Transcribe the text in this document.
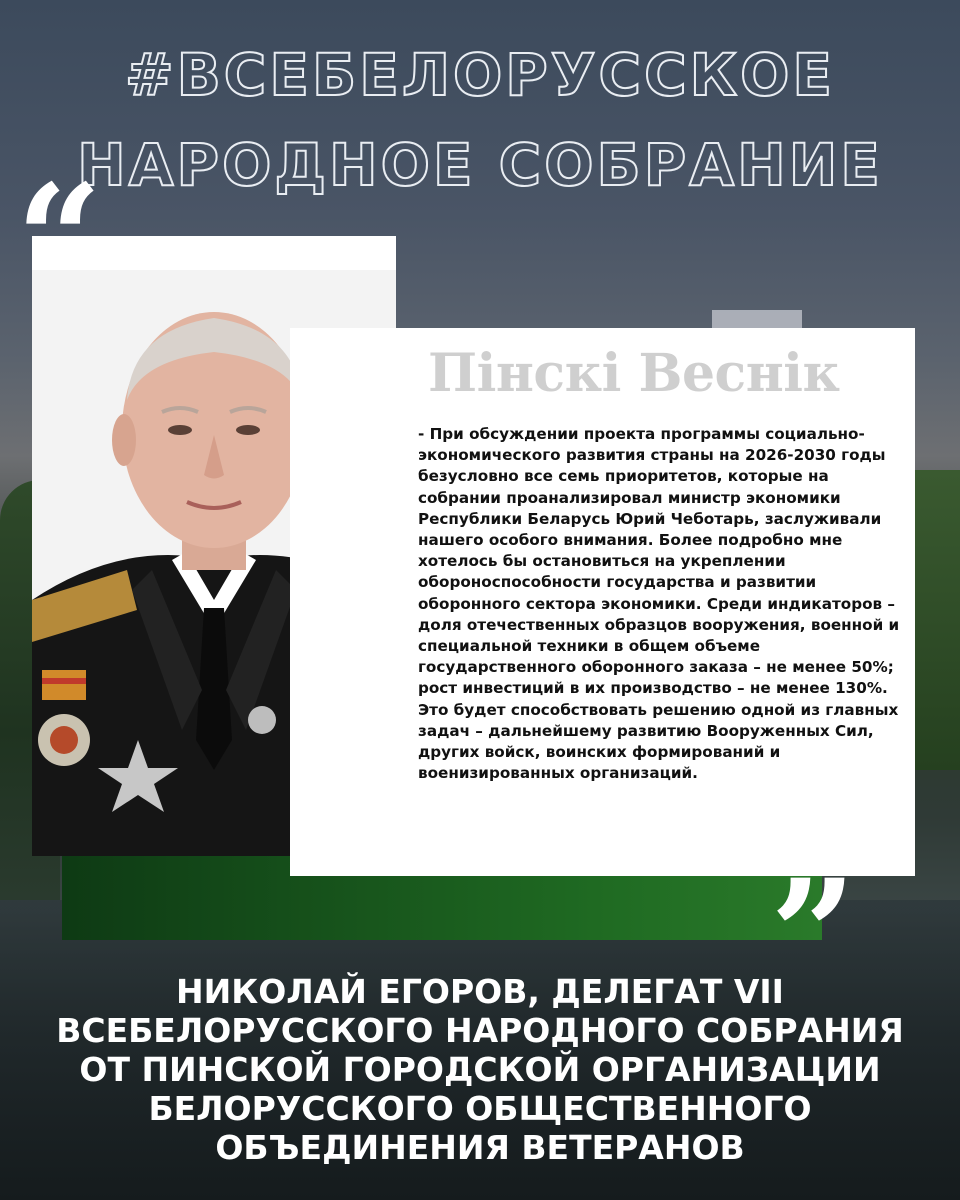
#ВСЕБЕЛОРУССКОЕ
НАРОДНОЕ СОБРАНИЕ
Пінскі Веснік
- При обсуждении проекта программы социально-экономического развития страны на 2026-2030 годы безусловно все семь приоритетов, которые на собрании проанализировал министр экономики Республики Беларусь Юрий Чеботарь, заслуживали нашего особого внимания. Более подробно мне хотелось бы остановиться на укреплении обороноспособности государства и развитии оборонного сектора экономики. Среди индикаторов –доля отечественных образцов вооружения, военной и специальной техники в общем объеме государственного оборонного заказа – не менее 50%; рост инвестиций в их производство – не менее 130%. Это будет способствовать решению одной из главных задач – дальнейшему развитию Вооруженных Сил, других войск, воинских формирований и военизированных организаций.
“
”
НИКОЛАЙ ЕГОРОВ, ДЕЛЕГАТ VII
ВСЕБЕЛОРУССКОГО НАРОДНОГО СОБРАНИЯ
ОТ ПИНСКОЙ ГОРОДСКОЙ ОРГАНИЗАЦИИ
БЕЛОРУССКОГО ОБЩЕСТВЕННОГО
ОБЪЕДИНЕНИЯ ВЕТЕРАНОВ
